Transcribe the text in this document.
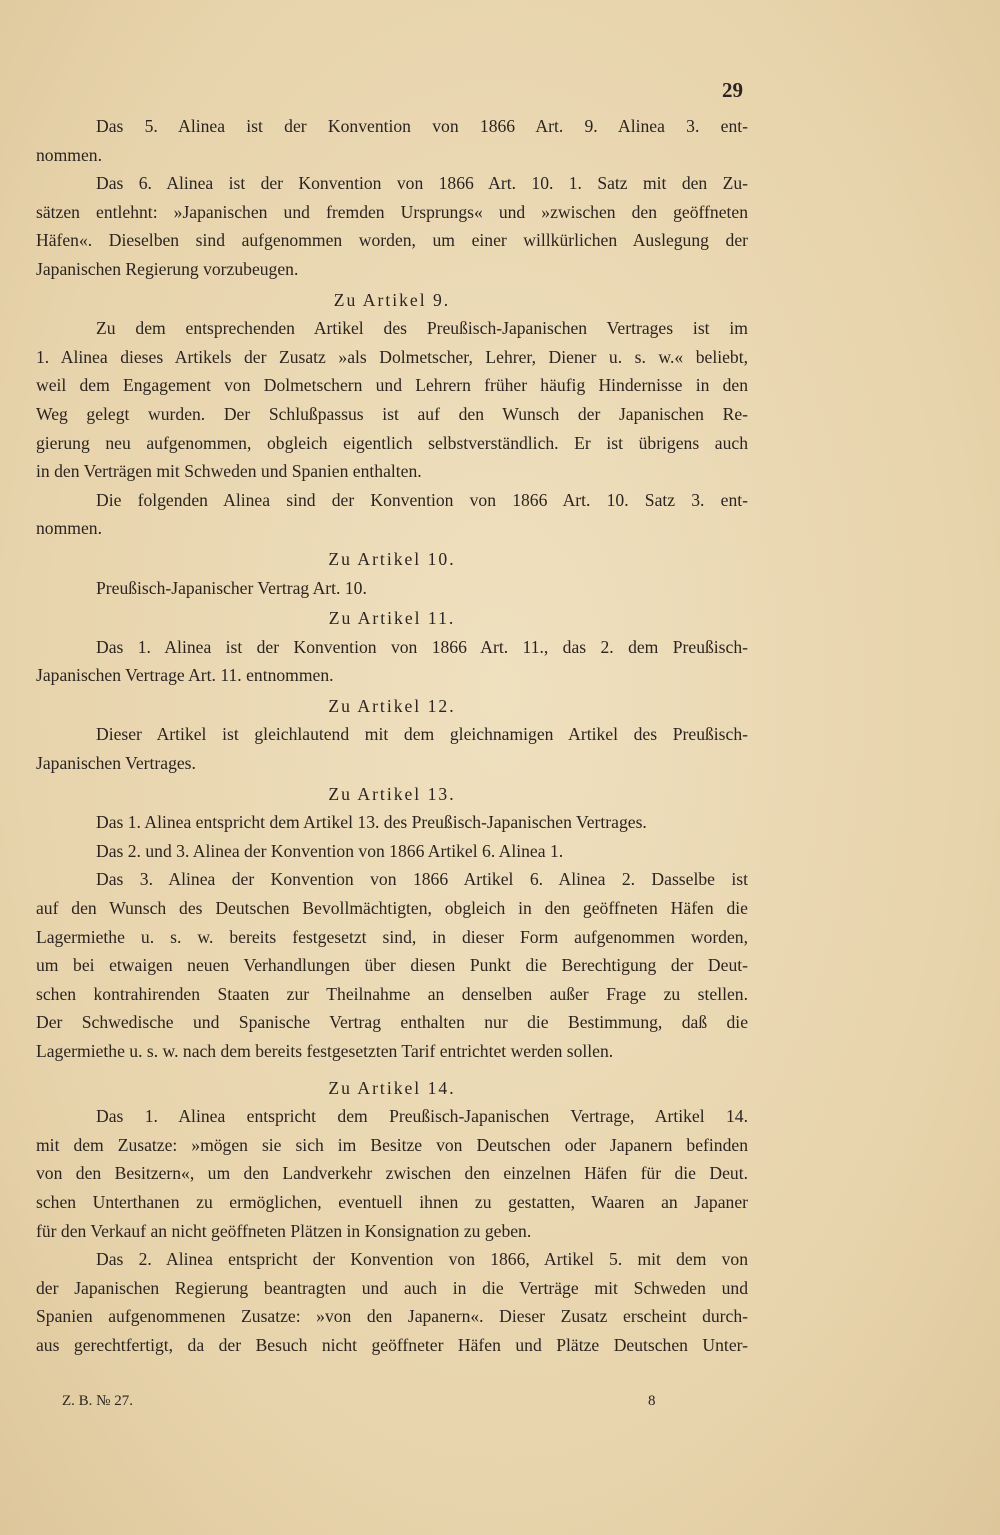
29

Das 5. Alinea ist der Konvention von 1866 Art. 9. Alinea 3. ent-
nommen.

Das 6. Alinea ist der Konvention von 1866 Art. 10. 1. Satz mit den Zu-
sätzen entlehnt: »Japanischen und fremden Ursprungs« und »zwischen den geöffneten
Häfen«. Dieselben sind aufgenommen worden, um einer willkürlichen Auslegung der
Japanischen Regierung vorzubeugen.

Zu Artikel 9.

Zu dem entsprechenden Artikel des Preußisch-Japanischen Vertrages ist im
1. Alinea dieses Artikels der Zusatz »als Dolmetscher, Lehrer, Diener u. s. w.« beliebt,
weil dem Engagement von Dolmetschern und Lehrern früher häufig Hindernisse in den
Weg gelegt wurden. Der Schlußpassus ist auf den Wunsch der Japanischen Re-
gierung neu aufgenommen, obgleich eigentlich selbstverständlich. Er ist übrigens auch
in den Verträgen mit Schweden und Spanien enthalten.

Die folgenden Alinea sind der Konvention von 1866 Art. 10. Satz 3. ent-
nommen.

Zu Artikel 10.

Preußisch-Japanischer Vertrag Art. 10.

Zu Artikel 11.

Das 1. Alinea ist der Konvention von 1866 Art. 11., das 2. dem Preußisch-
Japanischen Vertrage Art. 11. entnommen.

Zu Artikel 12.

Dieser Artikel ist gleichlautend mit dem gleichnamigen Artikel des Preußisch-
Japanischen Vertrages.

Zu Artikel 13.

Das 1. Alinea entspricht dem Artikel 13. des Preußisch-Japanischen Vertrages.

Das 2. und 3. Alinea der Konvention von 1866 Artikel 6. Alinea 1.

Das 3. Alinea der Konvention von 1866 Artikel 6. Alinea 2. Dasselbe ist
auf den Wunsch des Deutschen Bevollmächtigten, obgleich in den geöffneten Häfen die
Lagermiethe u. s. w. bereits festgesetzt sind, in dieser Form aufgenommen worden,
um bei etwaigen neuen Verhandlungen über diesen Punkt die Berechtigung der Deut-
schen kontrahirenden Staaten zur Theilnahme an denselben außer Frage zu stellen.
Der Schwedische und Spanische Vertrag enthalten nur die Bestimmung, daß die
Lagermiethe u. s. w. nach dem bereits festgesetzten Tarif entrichtet werden sollen.

Zu Artikel 14.

Das 1. Alinea entspricht dem Preußisch-Japanischen Vertrage, Artikel 14.
mit dem Zusatze: »mögen sie sich im Besitze von Deutschen oder Japanern befinden
von den Besitzern«, um den Landverkehr zwischen den einzelnen Häfen für die Deut.
schen Unterthanen zu ermöglichen, eventuell ihnen zu gestatten, Waaren an Japaner
für den Verkauf an nicht geöffneten Plätzen in Konsignation zu geben.

Das 2. Alinea entspricht der Konvention von 1866, Artikel 5. mit dem von
der Japanischen Regierung beantragten und auch in die Verträge mit Schweden und
Spanien aufgenommenen Zusatze: »von den Japanern«. Dieser Zusatz erscheint durch-
aus gerechtfertigt, da der Besuch nicht geöffneter Häfen und Plätze Deutschen Unter-

Z. B. № 27.	8
